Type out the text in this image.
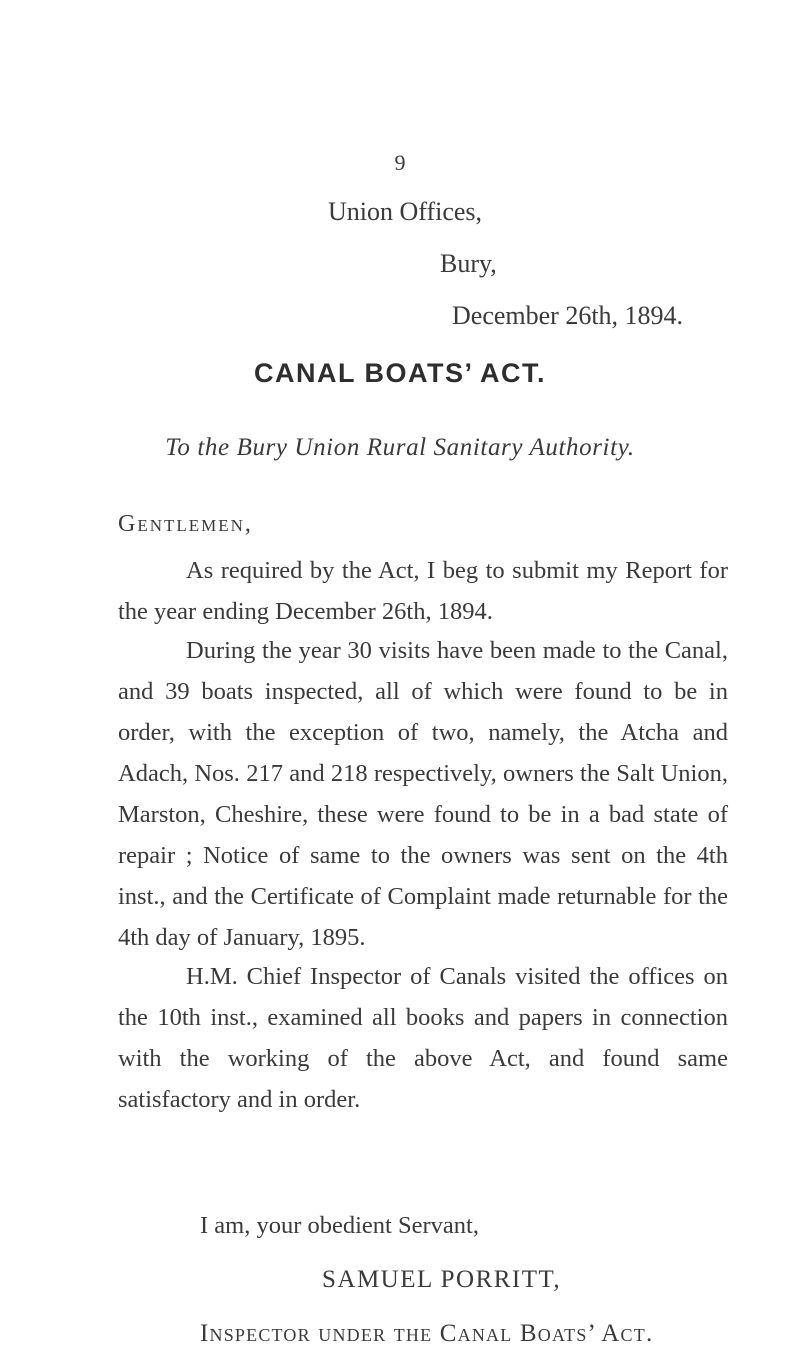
9
Union Offices,
Bury,
December 26th, 1894.
CANAL BOATS’ ACT.
To the Bury Union Rural Sanitary Authority.
Gentlemen,
As required by the Act, I beg to submit my Report for the year ending December 26th, 1894.
During the year 30 visits have been made to the Canal, and 39 boats inspected, all of which were found to be in order, with the exception of two, namely, the Atcha and Adach, Nos. 217 and 218 respectively, owners the Salt Union, Marston, Cheshire, these were found to be in a bad state of repair ; Notice of same to the owners was sent on the 4th inst., and the Certificate of Complaint made returnable for the 4th day of January, 1895.
H.M. Chief Inspector of Canals visited the offices on the 10th inst., examined all books and papers in connection with the working of the above Act, and found same satisfactory and in order.
I am, your obedient Servant,
SAMUEL PORRITT,
Inspector under the Canal Boats’ Act.
